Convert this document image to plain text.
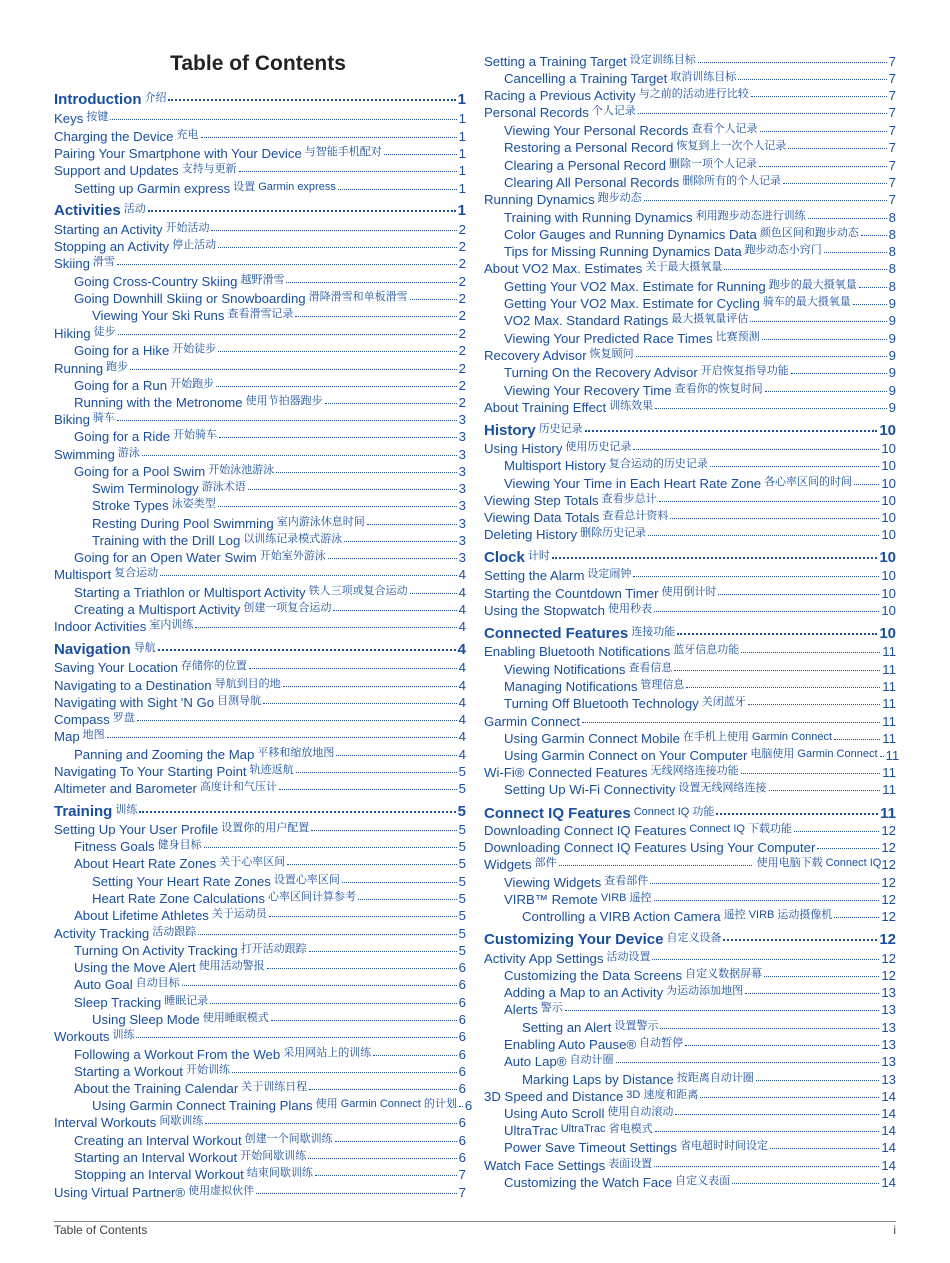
Table of Contents
Introduction 介绍	1
Keys 按键	1
Charging the Device 充电	1
Pairing Your Smartphone with Your Device 与智能手机配对	1
Support and Updates 支持与更新	1
Setting up Garmin express 设置 Garmin express	1
Activities 活动	1
Starting an Activity 开始活动	2
Stopping an Activity 停止活动	2
Skiing 滑雪	2
Going Cross-Country Skiing 越野滑雪	2
Going Downhill Skiing or Snowboarding 滑降滑雪和单板滑雪	2
Viewing Your Ski Runs 查看滑雪记录	2
Hiking 徒步	2
Going for a Hike 开始徒步	2
Running 跑步	2
Going for a Run 开始跑步	2
Running with the Metronome 使用节拍器跑步	2
Biking 骑车	3
Going for a Ride 开始骑车	3
Swimming 游泳	3
Going for a Pool Swim 开始泳池游泳	3
Swim Terminology 游泳术语	3
Stroke Types 泳姿类型	3
Resting During Pool Swimming 室内游泳休息时间	3
Training with the Drill Log 以训练记录模式游泳	3
Going for an Open Water Swim 开始室外游泳	3
Multisport 复合运动	4
Starting a Triathlon or Multisport Activity 铁人三项或复合运动	4
Creating a Multisport Activity 创建一项复合运动	4
Indoor Activities 室内训练	4
Navigation 导航	4
Saving Your Location 存储你的位置	4
Navigating to a Destination 导航到目的地	4
Navigating with Sight 'N Go 目测导航	4
Compass 罗盘	4
Map 地图	4
Panning and Zooming the Map 平移和缩放地图	4
Navigating To Your Starting Point 轨迹返航	5
Altimeter and Barometer 高度计和气压计	5
Training 训练	5
Setting Up Your User Profile 设置你的用户配置	5
Fitness Goals 健身目标	5
About Heart Rate Zones 关于心率区间	5
Setting Your Heart Rate Zones 设置心率区间	5
Heart Rate Zone Calculations 心率区间计算参考	5
About Lifetime Athletes 关于运动员	5
Activity Tracking 活动跟踪	5
Turning On Activity Tracking 打开活动跟踪	5
Using the Move Alert 使用活动警报	6
Auto Goal 自动目标	6
Sleep Tracking 睡眠记录	6
Using Sleep Mode 使用睡眠模式	6
Workouts 训练	6
Following a Workout From the Web 采用网站上的训练	6
Starting a Workout 开始训练	6
About the Training Calendar 关于训练日程	6
Using Garmin Connect Training Plans 使用 Garmin Connect 的计划 6
Interval Workouts 间歇训练	6
Creating an Interval Workout 创建一个间歇训练	6
Starting an Interval Workout 开始间歇训练	6
Stopping an Interval Workout 结束间歇训练	7
Using Virtual Partner® 使用虚拟伙伴	7
Setting a Training Target 设定训练目标	7
Cancelling a Training Target 取消训练目标	7
Racing a Previous Activity 与之前的活动进行比较	7
Personal Records 个人记录	7
Viewing Your Personal Records 查看个人记录	7
Restoring a Personal Record 恢复到上一次个人记录	7
Clearing a Personal Record 删除一项个人记录	7
Clearing All Personal Records 删除所有的个人记录	7
Running Dynamics 跑步动态	7
Training with Running Dynamics 利用跑步动态进行训练	8
Color Gauges and Running Dynamics Data 颜色区间和跑步动态 8
Tips for Missing Running Dynamics Data 跑步动态小窍门	8
About VO2 Max. Estimates 关于最大摄氧量	8
Getting Your VO2 Max. Estimate for Running 跑步的最大摄氧量 8
Getting Your VO2 Max. Estimate for Cycling 骑车的最大摄氧量	9
VO2 Max. Standard Ratings 最大摄氧量评估	9
Viewing Your Predicted Race Times 比赛预测	9
Recovery Advisor 恢复顾问	9
Turning On the Recovery Advisor 开启恢复指导功能	9
Viewing Your Recovery Time 查看你的恢复时间	9
About Training Effect 训练效果	9
History 历史记录	10
Using History 使用历史记录	10
Multisport History 复合运动的历史记录	10
Viewing Your Time in Each Heart Rate Zone 各心率区间的时间 10
Viewing Step Totals 查看步总计	10
Viewing Data Totals 查看总计资料	10
Deleting History 删除历史记录	10
Clock 计时	10
Setting the Alarm 设定闹钟	10
Starting the Countdown Timer 使用倒计时	10
Using the Stopwatch 使用秒表	10
Connected Features 连接功能	10
Enabling Bluetooth Notifications 蓝牙信息功能	11
Viewing Notifications 查看信息	11
Managing Notifications 管理信息	11
Turning Off Bluetooth Technology 关闭蓝牙	11
Garmin Connect	11
Using Garmin Connect Mobile 在手机上使用 Garmin Connect	11
Using Garmin Connect on Your Computer 电脑使用 Garmin Connect 11
Wi-Fi® Connected Features 无线网络连接功能	11
Setting Up Wi-Fi Connectivity 设置无线网络连接	11
Connect IQ Features Connect IQ 功能	11
Downloading Connect IQ Features Connect IQ 下载功能	12
Downloading Connect IQ Features Using Your Computer	12
Widgets 部件	使用电脑下载 Connect IQ 12
Viewing Widgets 查看部件	12
VIRB™ Remote VIRB 遥控	12
Controlling a VIRB Action Camera 遥控 VIRB 运动摄像机	12
Customizing Your Device 自定义设备	12
Activity App Settings 活动设置	12
Customizing the Data Screens 自定义数据屏幕	12
Adding a Map to an Activity 为运动添加地图	13
Alerts 警示	13
Setting an Alert 设置警示	13
Enabling Auto Pause® 自动暂停	13
Auto Lap® 自动计圈	13
Marking Laps by Distance 按距离自动计圈	13
3D Speed and Distance 3D 速度和距离	14
Using Auto Scroll 使用自动滚动	14
UltraTrac UltraTrac 省电模式	14
Power Save Timeout Settings 省电超时时间设定	14
Watch Face Settings 表面设置	14
Customizing the Watch Face 自定义表面	14
Table of Contents	i
